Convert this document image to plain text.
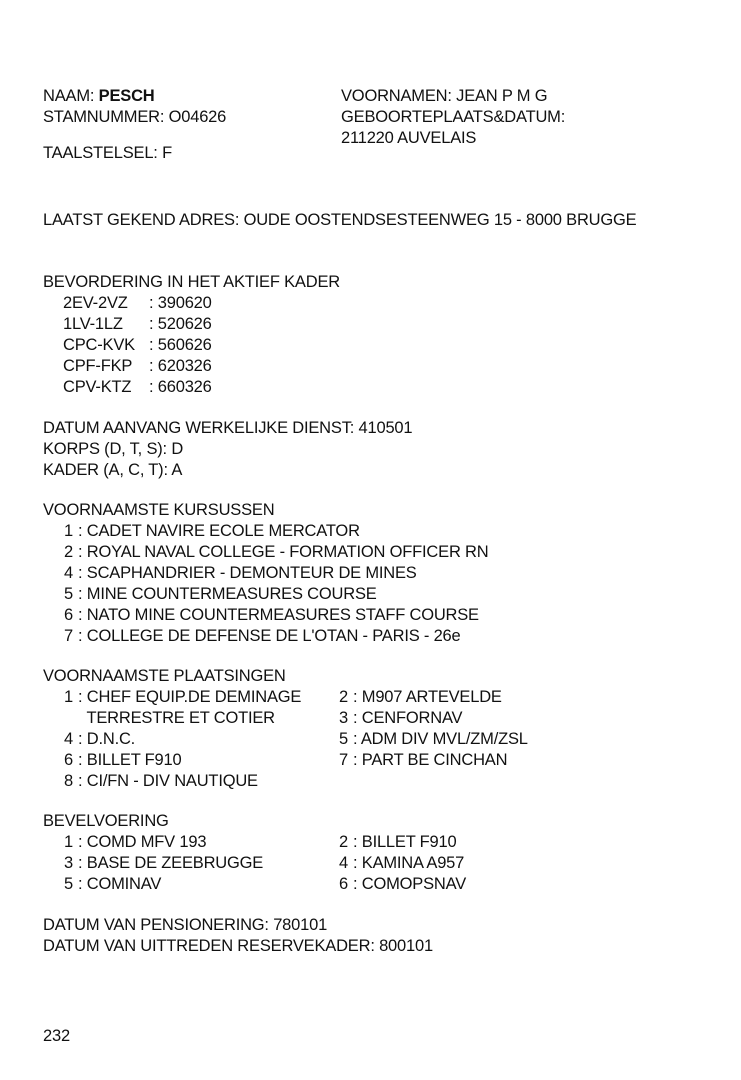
NAAM: PESCH
STAMNUMMER: O04626
TAALSTELSEL: F
VOORNAMEN: JEAN P M G
GEBOORTEPLAATS&DATUM:
211220 AUVELAIS
LAATST GEKEND ADRES: OUDE OOSTENDSESTEENWEG 15 - 8000 BRUGGE
BEVORDERING IN HET AKTIEF KADER
2EV-2VZ	: 390620
1LV-1LZ	: 520626
CPC-KVK : 560626
CPF-FKP	: 620326
CPV-KTZ	: 660326
DATUM AANVANG WERKELIJKE DIENST: 410501
KORPS (D, T, S): D
KADER (A, C, T): A
VOORNAAMSTE KURSUSSEN
1 : CADET NAVIRE ECOLE MERCATOR
2 : ROYAL NAVAL COLLEGE - FORMATION OFFICER RN
4 : SCAPHANDRIER - DEMONTEUR DE MINES
5 : MINE COUNTERMEASURES COURSE
6 : NATO MINE COUNTERMEASURES STAFF COURSE
7 : COLLEGE DE DEFENSE DE L'OTAN - PARIS - 26e
VOORNAAMSTE PLAATSINGEN
1 : CHEF EQUIP.DE DEMINAGE	2 : M907 ARTEVELDE
TERRESTRE ET COTIER	3 : CENFORNAV
4 : D.N.C.	5 : ADM DIV MVL/ZM/ZSL
6 : BILLET F910	7 : PART BE CINCHAN
8 : CI/FN - DIV NAUTIQUE
BEVELVOERING
1 : COMD MFV 193	2 : BILLET F910
3 : BASE DE ZEEBRUGGE	4 : KAMINA A957
5 : COMINAV	6 : COMOPSNAV
DATUM VAN PENSIONERING: 780101
DATUM VAN UITTREDEN RESERVEKADER: 800101
232
